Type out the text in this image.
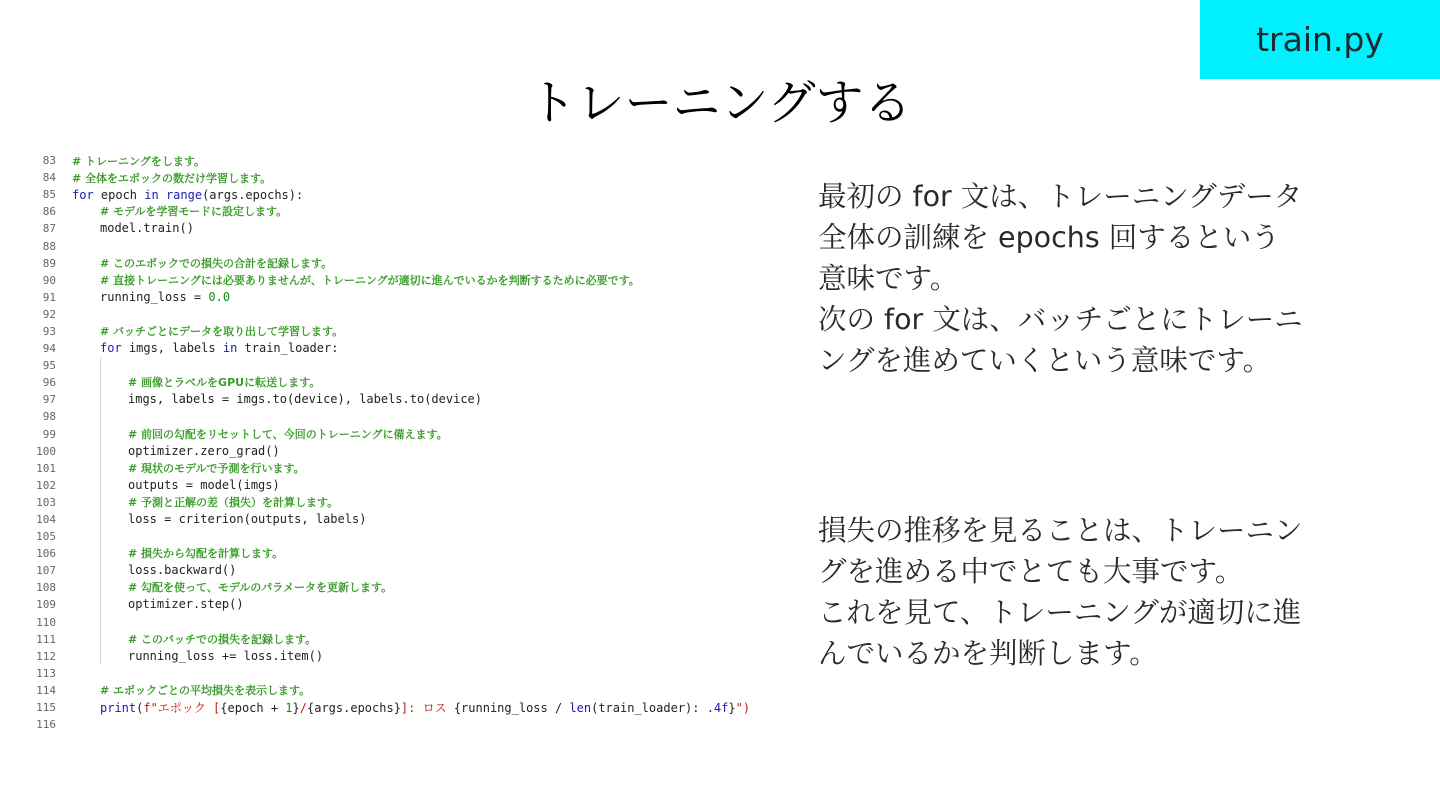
train.py
トレーニングする
83	# トレーニングをします。
84	# 全体をエポックの数だけ学習します。
85	for epoch in range(args.epochs):
86	# モデルを学習モードに設定します。
87	model.train()
88
89	# このエポックでの損失の合計を記録します。
90	# 直接トレーニングには必要ありませんが、トレーニングが適切に進んでいるかを判断するために必要です。
91	running_loss = 0.0
92
93	# バッチごとにデータを取り出して学習します。
94	for imgs, labels in train_loader:
95
96	# 画像とラベルをGPUに転送します。
97	imgs, labels = imgs.to(device), labels.to(device)
98
99	# 前回の勾配をリセットして、今回のトレーニングに備えます。
100	optimizer.zero_grad()
101	# 現状のモデルで予測を行います。
102	outputs = model(imgs)
103	# 予測と正解の差（損失）を計算します。
104	loss = criterion(outputs, labels)
105
106	# 損失から勾配を計算します。
107	loss.backward()
108	# 勾配を使って、モデルのパラメータを更新します。
109	optimizer.step()
110
111	# このバッチでの損失を記録します。
112	running_loss += loss.item()
113
114	# エポックごとの平均損失を表示します。
115	print(f"エポック [{epoch + 1}/{args.epochs}]: ロス {running_loss / len(train_loader): .4f}")
116

最初の for 文は、トレーニングデータ
全体の訓練を epochs 回するという
意味です。
次の for 文は、バッチごとにトレーニ
ングを進めていくという意味です。

損失の推移を見ることは、トレーニン
グを進める中でとても大事です。
これを見て、トレーニングが適切に進
んでいるかを判断します。
